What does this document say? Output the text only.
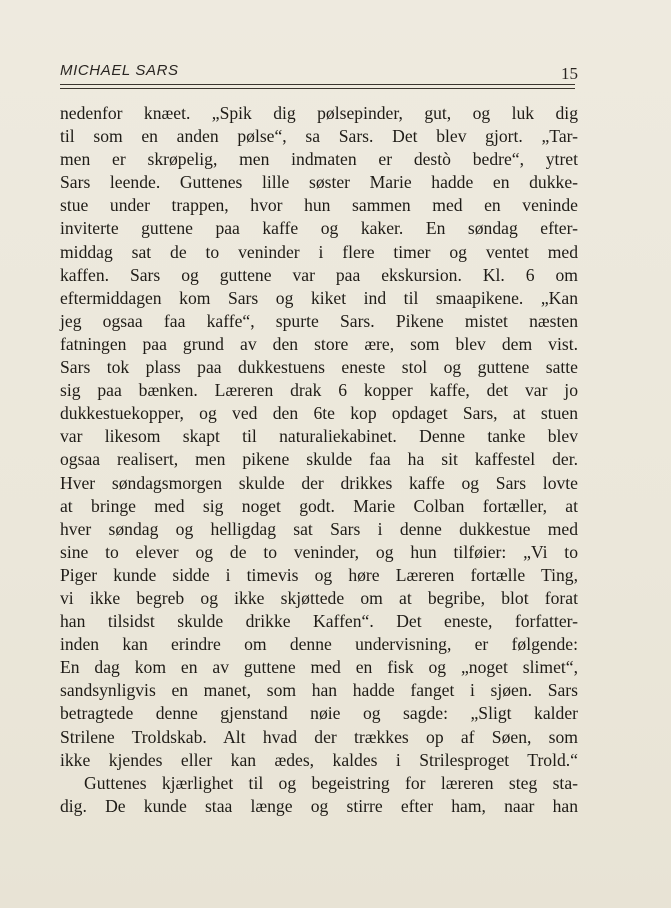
MICHAEL SARS	15
nedenfor knæet. „Spik dig pølsepinder, gut, og luk dig
til som en anden pølse“, sa Sars. Det blev gjort. „Tar-
men er skrøpelig, men indmaten er destò bedre“, ytret
Sars leende. Guttenes lille søster Marie hadde en dukke-
stue under trappen, hvor hun sammen med en veninde
inviterte guttene paa kaffe og kaker. En søndag efter-
middag sat de to veninder i flere timer og ventet med
kaffen. Sars og guttene var paa ekskursion. Kl. 6 om
eftermiddagen kom Sars og kiket ind til smaapikene. „Kan
jeg ogsaa faa kaffe“, spurte Sars. Pikene mistet næsten
fatningen paa grund av den store ære, som blev dem vist.
Sars tok plass paa dukkestuens eneste stol og guttene satte
sig paa bænken. Læreren drak 6 kopper kaffe, det var jo
dukkestuekopper, og ved den 6te kop opdaget Sars, at stuen
var likesom skapt til naturaliekabinet. Denne tanke blev
ogsaa realisert, men pikene skulde faa ha sit kaffestel der.
Hver søndagsmorgen skulde der drikkes kaffe og Sars lovte
at bringe med sig noget godt. Marie Colban fortæller, at
hver søndag og helligdag sat Sars i denne dukkestue med
sine to elever og de to veninder, og hun tilføier: „Vi to
Piger kunde sidde i timevis og høre Læreren fortælle Ting,
vi ikke begreb og ikke skjøttede om at begribe, blot forat
han tilsidst skulde drikke Kaffen“. Det eneste, forfatter-
inden kan erindre om denne undervisning, er følgende:
En dag kom en av guttene med en fisk og „noget slimet“,
sandsynligvis en manet, som han hadde fanget i sjøen. Sars
betragtede denne gjenstand nøie og sagde: „Sligt kalder
Strilene Troldskab. Alt hvad der trækkes op af Søen, som
ikke kjendes eller kan ædes, kaldes i Strilesproget Trold.“
Guttenes kjærlighet til og begeistring for læreren steg sta-
dig. De kunde staa længe og stirre efter ham, naar han
